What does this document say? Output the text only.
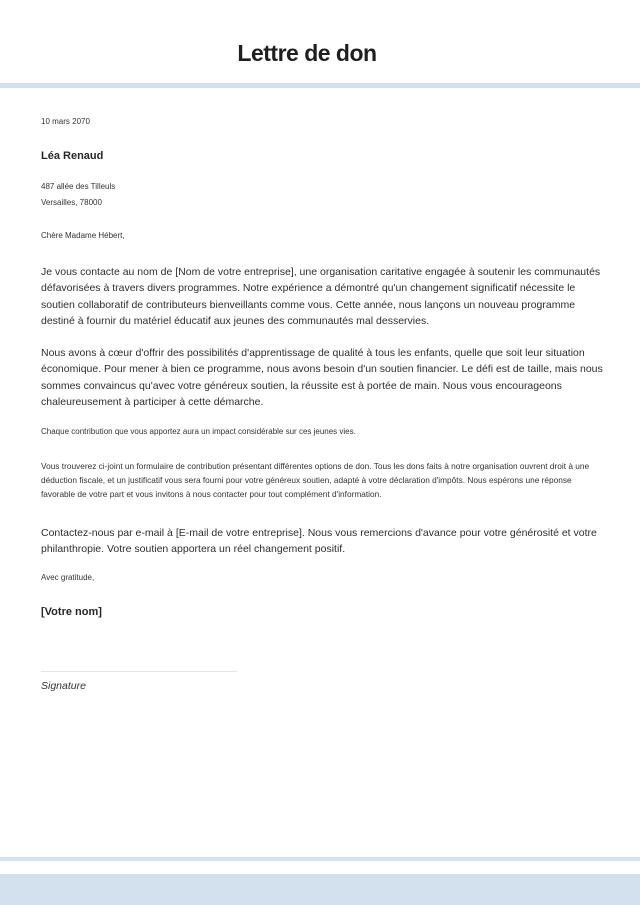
Lettre de don

10 mars 2070

Léa Renaud

487 allée des Tilleuls

Versailles, 78000

Chère Madame Hébert,

Je vous contacte au nom de [Nom de votre entreprise], une organisation caritative engagée à soutenir les communautés défavorisées à travers divers programmes. Notre expérience a démontré qu'un changement significatif nécessite le soutien collaboratif de contributeurs bienveillants comme vous. Cette année, nous lançons un nouveau programme destiné à fournir du matériel éducatif aux jeunes des communautés mal desservies.

Nous avons à cœur d'offrir des possibilités d'apprentissage de qualité à tous les enfants, quelle que soit leur situation économique. Pour mener à bien ce programme, nous avons besoin d'un soutien financier. Le défi est de taille, mais nous sommes convaincus qu'avec votre généreux soutien, la réussite est à portée de main. Nous vous encourageons chaleureusement à participer à cette démarche.

Chaque contribution que vous apportez aura un impact considérable sur ces jeunes vies.

Vous trouverez ci-joint un formulaire de contribution présentant différentes options de don. Tous les dons faits à notre organisation ouvrent droit à une déduction fiscale, et un justificatif vous sera fourni pour votre généreux soutien, adapté à votre déclaration d'impôts. Nous espérons une réponse favorable de votre part et vous invitons à nous contacter pour tout complément d'information.

Contactez-nous par e-mail à [E-mail de votre entreprise]. Nous vous remercions d'avance pour votre générosité et votre philanthropie. Votre soutien apportera un réel changement positif.

Avec gratitude,

[Votre nom]

Signature
